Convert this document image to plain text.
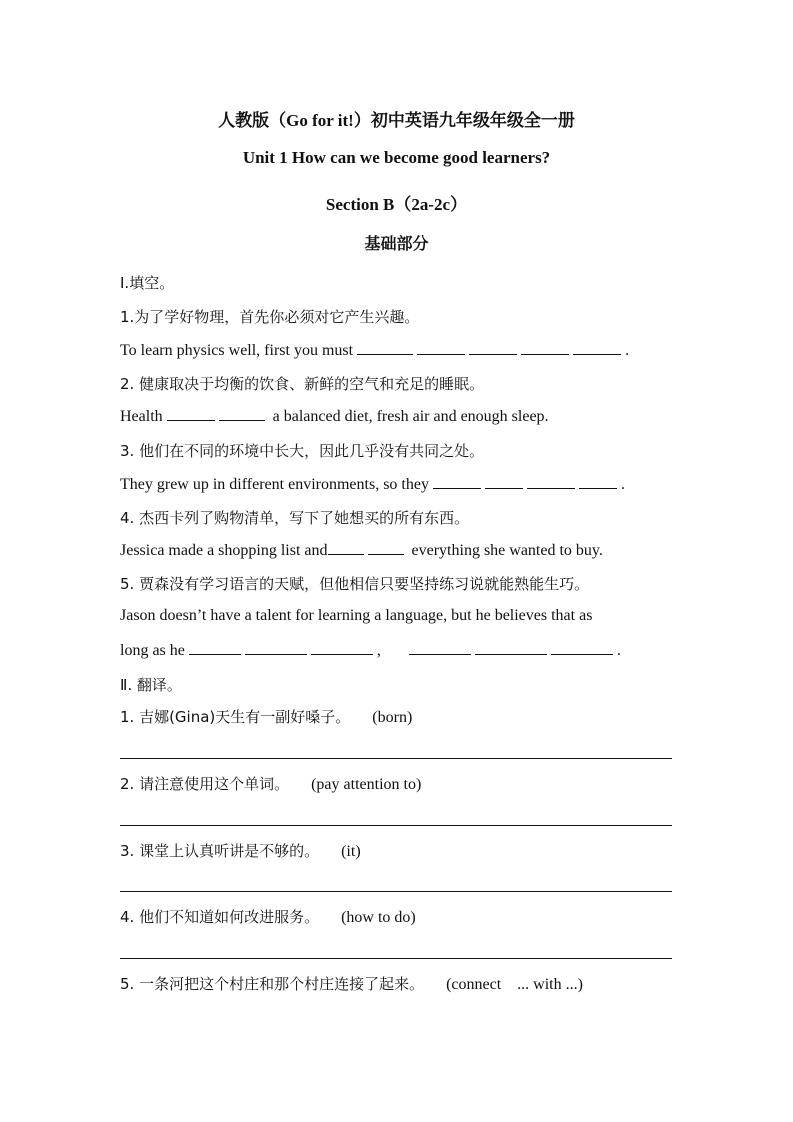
人教版（Go for it!）初中英语九年级年级全一册
Unit 1 How can we become good learners?
Section B（2a-2c）
基础部分
Ⅰ.填空。
1.为了学好物理，首先你必须对它产生兴趣。
To learn physics well, first you must	.
2. 健康取决于均衡的饮食、新鲜的空气和充足的睡眠。
Health	a balanced diet, fresh air and enough sleep.
3. 他们在不同的环境中长大，因此几乎没有共同之处。
They grew up in different environments, so they	.
4. 杰西卡列了购物清单，写下了她想买的所有东西。
Jessica made a shopping list and	everything she wanted to buy.
5. 贾森没有学习语言的天赋，但他相信只要坚持练习说就能熟能生巧。
Jason doesn’t have a talent for learning a language, but he believes that as
long as he	,	.
Ⅱ. 翻译。
1. 吉娜(Gina)天生有一副好嗓子。 (born)
2. 请注意使用这个单词。 (pay attention to)
3. 课堂上认真听讲是不够的。 (it)
4. 他们不知道如何改进服务。 (how to do)
5. 一条河把这个村庄和那个村庄连接了起来。 (connect    ... with ...)
